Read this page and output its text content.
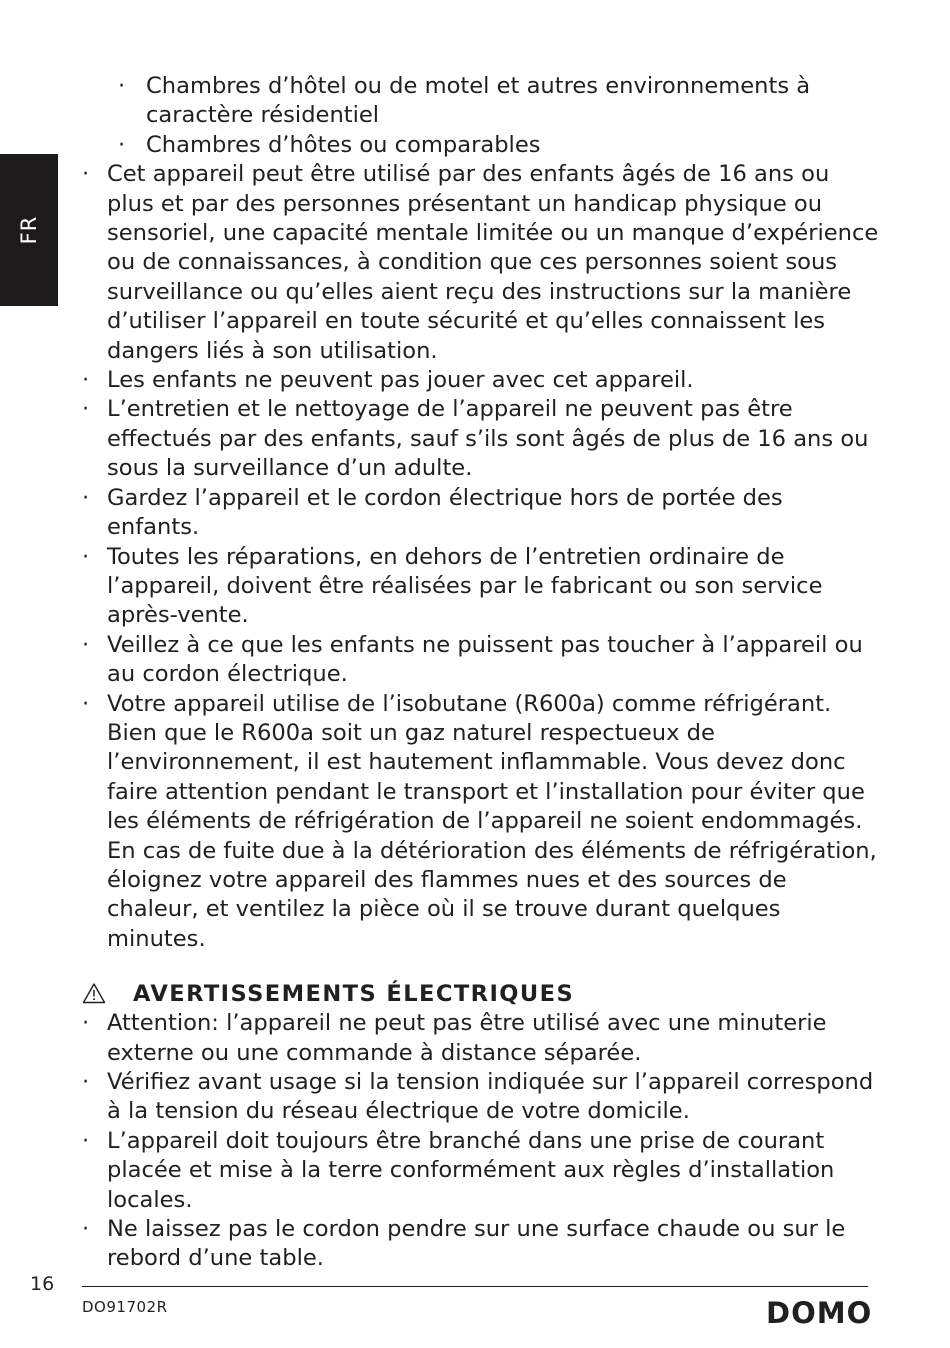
FR
· Chambres d’hôtel ou de motel et autres environnements à caractère résidentiel
· Chambres d’hôtes ou comparables
· Cet appareil peut être utilisé par des enfants âgés de 16 ans ou plus et par des personnes présentant un handicap physique ou sensoriel, une capacité mentale limitée ou un manque d’expérience ou de connaissances, à condition que ces personnes soient sous surveillance ou qu’elles aient reçu des instructions sur la manière d’utiliser l’appareil en toute sécurité et qu’elles connaissent les dangers liés à son utilisation.
· Les enfants ne peuvent pas jouer avec cet appareil.
· L’entretien et le nettoyage de l’appareil ne peuvent pas être effectués par des enfants, sauf s’ils sont âgés de plus de 16 ans ou sous la surveillance d’un adulte.
· Gardez l’appareil et le cordon électrique hors de portée des enfants.
· Toutes les réparations, en dehors de l’entretien ordinaire de l’appareil, doivent être réalisées par le fabricant ou son service après-vente.
· Veillez à ce que les enfants ne puissent pas toucher à l’appareil ou au cordon électrique.
· Votre appareil utilise de l’isobutane (R600a) comme réfrigérant. Bien que le R600a soit un gaz naturel respectueux de l’environnement, il est hautement inflammable. Vous devez donc faire attention pendant le transport et l’installation pour éviter que les éléments de réfrigération de l’appareil ne soient endommagés. En cas de fuite due à la détérioration des éléments de réfrigération, éloignez votre appareil des flammes nues et des sources de chaleur, et ventilez la pièce où il se trouve durant quelques minutes.
AVERTISSEMENTS ÉLECTRIQUES
· Attention: l’appareil ne peut pas être utilisé avec une minuterie externe ou une commande à distance séparée.
· Vérifiez avant usage si la tension indiquée sur l’appareil correspond à la tension du réseau électrique de votre domicile.
· L’appareil doit toujours être branché dans une prise de courant placée et mise à la terre conformément aux règles d’installation locales.
· Ne laissez pas le cordon pendre sur une surface chaude ou sur le rebord d’une table.
16
DO91702R	DOMO
